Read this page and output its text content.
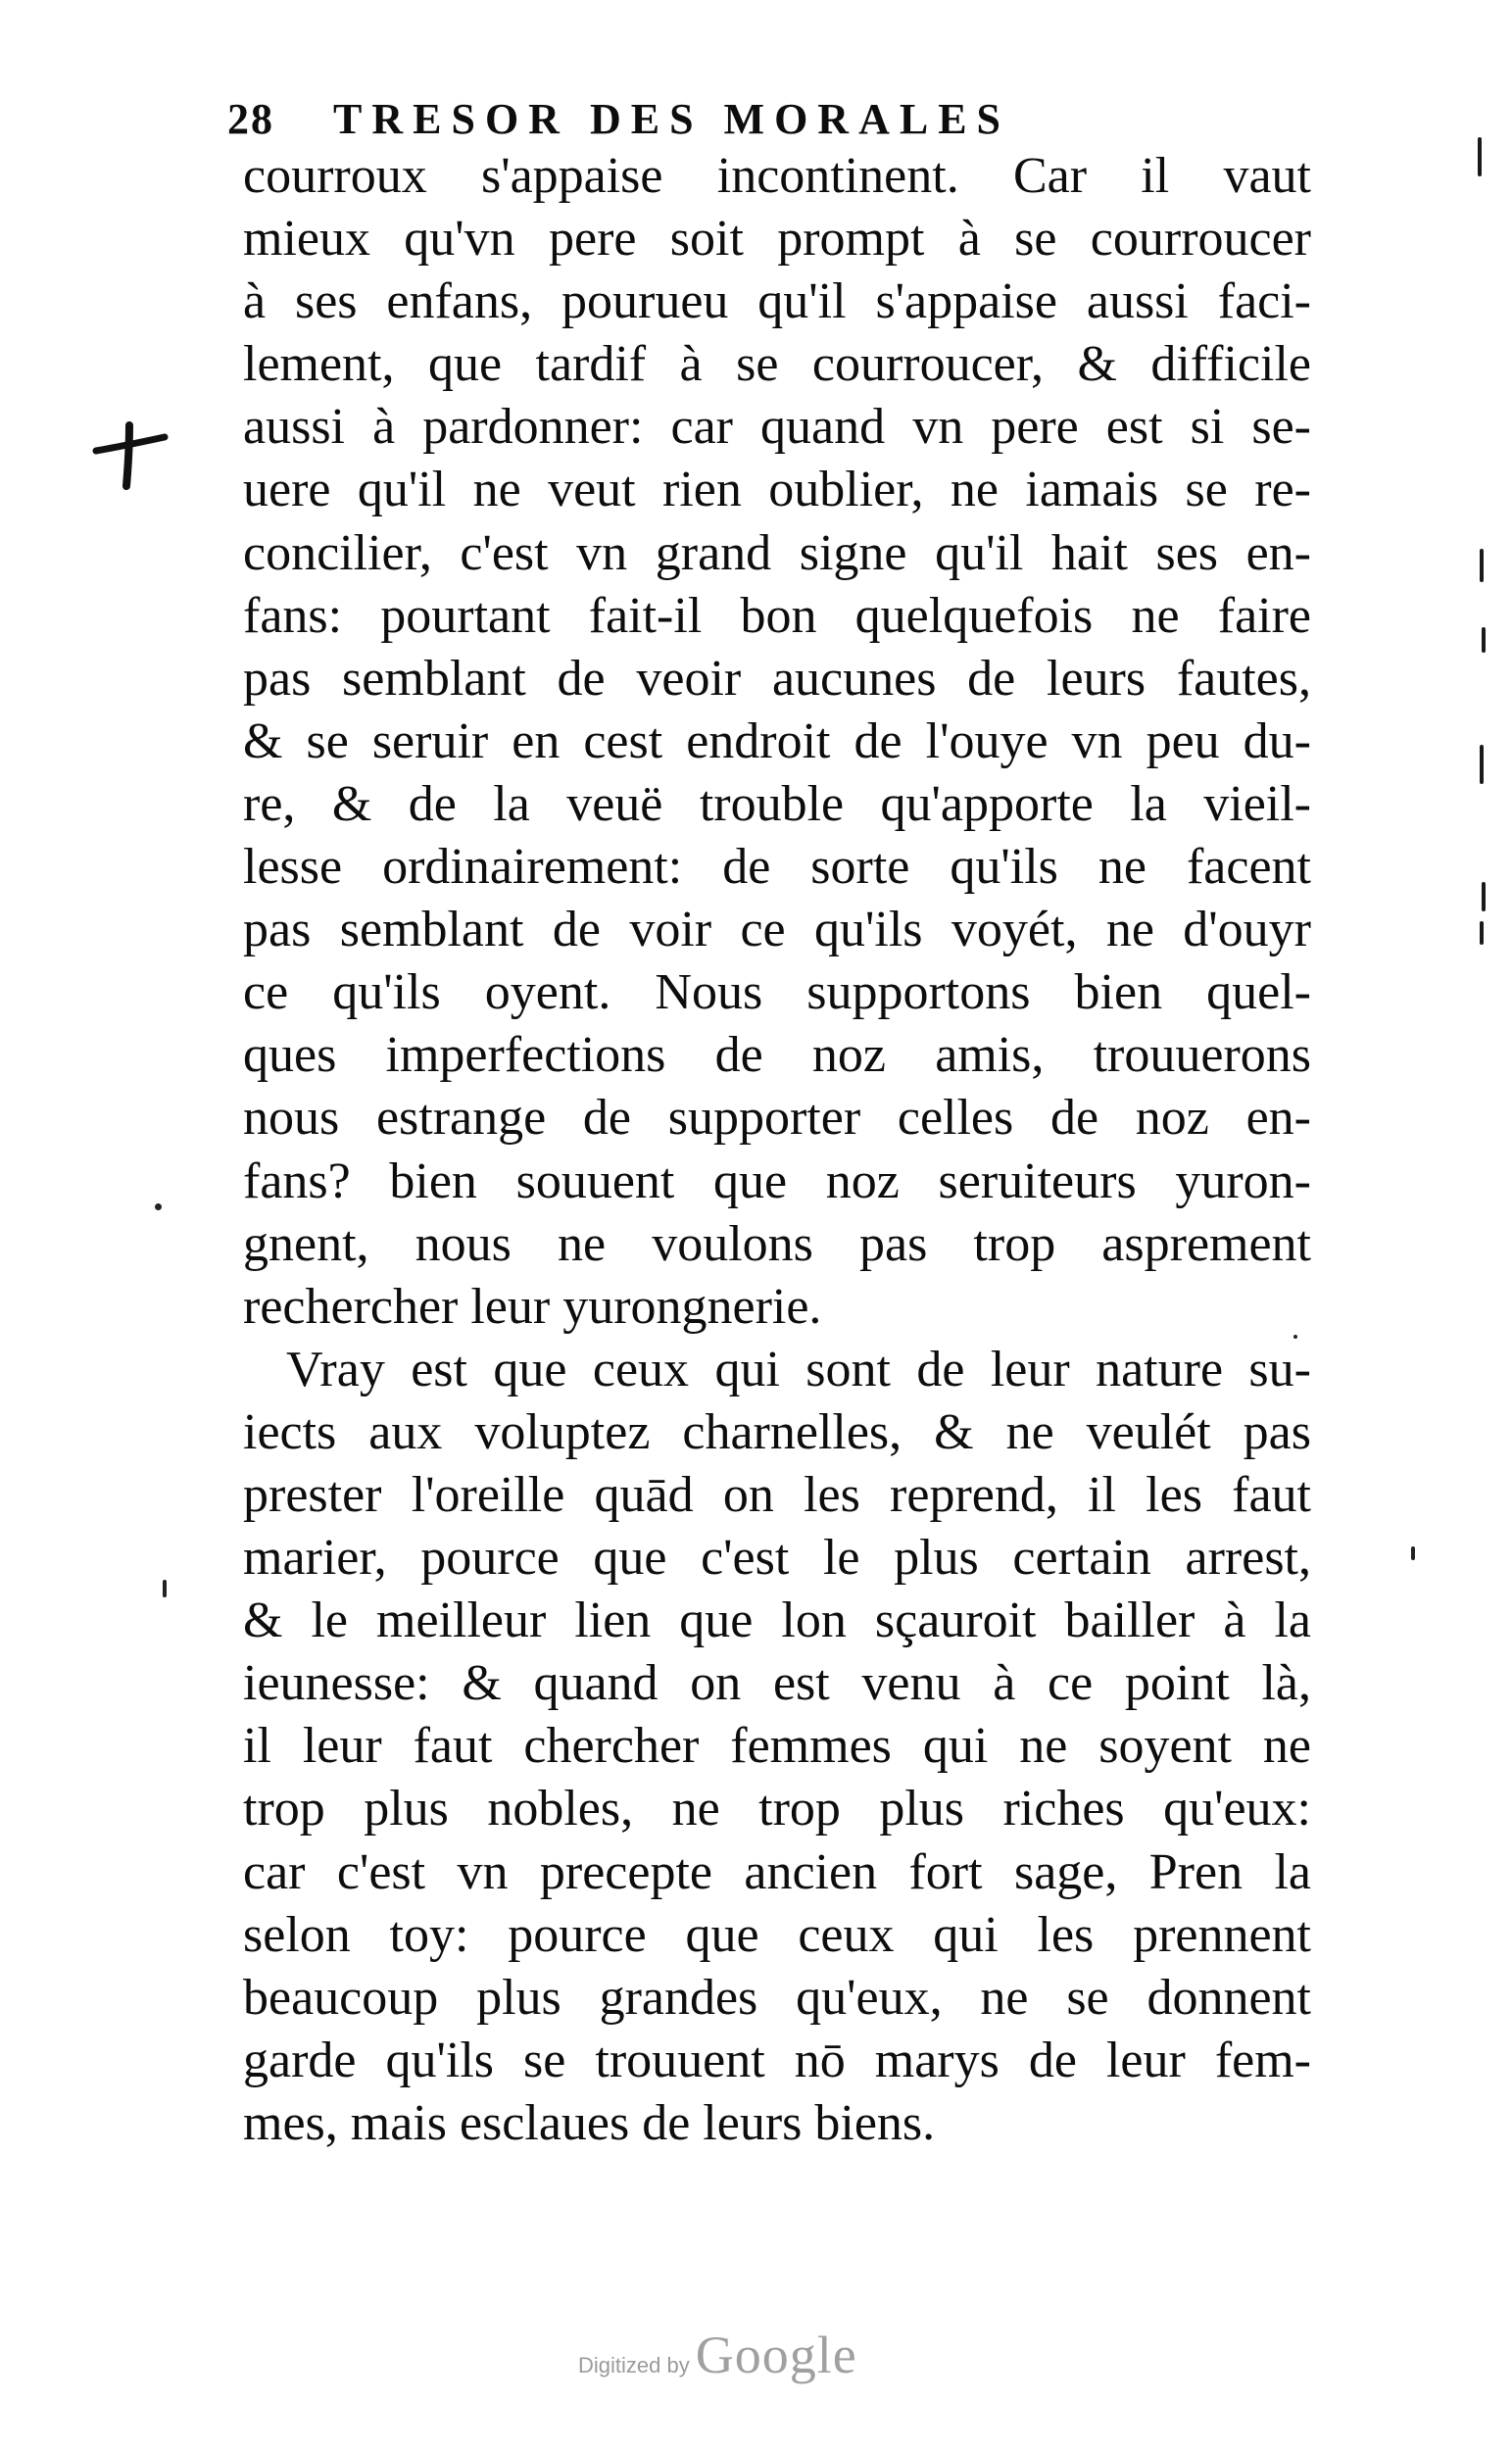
28 TRESOR DES MORALES
courroux s'appaise incontinent. Car il vaut
mieux qu'vn pere soit prompt à se courroucer
à ses enfans, pourueu qu'il s'appaise aussi faci-
lement, que tardif à se courroucer, & difficile
aussi à pardonner: car quand vn pere est si se-
uere qu'il ne veut rien oublier, ne iamais se re-
concilier, c'est vn grand signe qu'il hait ses en-
fans: pourtant fait-il bon quelquefois ne faire
pas semblant de veoir aucunes de leurs fautes,
& se seruir en cest endroit de l'ouye vn peu du-
re, & de la veuë trouble qu'apporte la vieil-
lesse ordinairement: de sorte qu'ils ne facent
pas semblant de voir ce qu'ils voyét, ne d'ouyr
ce qu'ils oyent. Nous supportons bien quel-
ques imperfections de noz amis, trouuerons
nous estrange de supporter celles de noz en-
fans? bien souuent que noz seruiteurs yuron-
gnent, nous ne voulons pas trop asprement
rechercher leur yurongnerie.
Vray est que ceux qui sont de leur nature su-
iects aux voluptez charnelles, & ne veulét pas
prester l'oreille quād on les reprend, il les faut
marier, pource que c'est le plus certain arrest,
& le meilleur lien que lon sçauroit bailler à la
ieunesse: & quand on est venu à ce point là,
il leur faut chercher femmes qui ne soyent ne
trop plus nobles, ne trop plus riches qu'eux:
car c'est vn precepte ancien fort sage, Pren la
selon toy: pource que ceux qui les prennent
beaucoup plus grandes qu'eux, ne se donnent
garde qu'ils se trouuent nō marys de leur fem-
mes, mais esclaues de leurs biens.
Digitized by Google
